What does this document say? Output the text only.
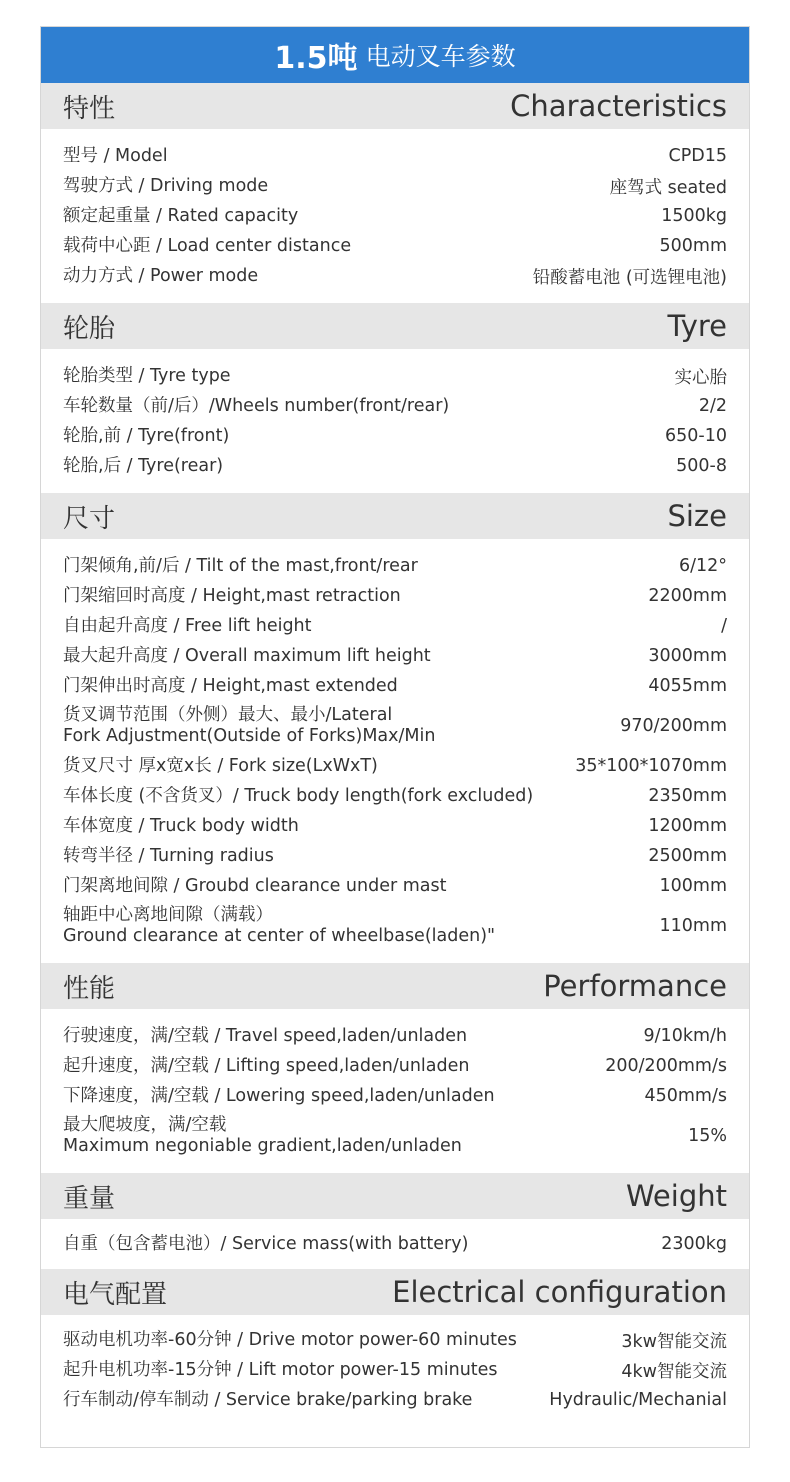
1.5吨 电动叉车参数
特性	Characteristics
型号 / Model	CPD15
驾驶方式 / Driving mode	座驾式 seated
额定起重量 / Rated capacity	1500kg
载荷中心距 / Load center distance	500mm
动力方式 / Power mode	铅酸蓄电池 (可选锂电池)
轮胎	Tyre
轮胎类型 / Tyre type	实心胎
车轮数量（前/后）/Wheels number(front/rear)	2/2
轮胎,前 / Tyre(front)	650-10
轮胎,后 / Tyre(rear)	500-8
尺寸	Size
门架倾角,前/后 / Tilt of the mast,front/rear	6/12°
门架缩回时高度 / Height,mast retraction	2200mm
自由起升高度 / Free lift height	/
最大起升高度 / Overall maximum lift height	3000mm
门架伸出时高度 / Height,mast extended	4055mm
货叉调节范围（外侧）最大、最小/Lateral
Fork Adjustment(Outside of Forks)Max/Min	970/200mm
货叉尺寸 厚x宽x长 / Fork size(LxWxT)	35*100*1070mm
车体长度 (不含货叉）/ Truck body length(fork excluded)	2350mm
车体宽度 / Truck body width	1200mm
转弯半径 / Turning radius	2500mm
门架离地间隙 / Groubd clearance under mast	100mm
轴距中心离地间隙（满载）
Ground clearance at center of wheelbase(laden)"	110mm
性能	Performance
行驶速度，满/空载 / Travel speed,laden/unladen	9/10km/h
起升速度，满/空载 / Lifting speed,laden/unladen	200/200mm/s
下降速度，满/空载 / Lowering speed,laden/unladen	450mm/s
最大爬坡度，满/空载
Maximum negoniable gradient,laden/unladen	15%
重量	Weight
自重（包含蓄电池）/ Service mass(with battery)	2300kg
电气配置	Electrical configuration
驱动电机功率-60分钟 / Drive motor power-60 minutes	3kw智能交流
起升电机功率-15分钟 / Lift motor power-15 minutes	4kw智能交流
行车制动/停车制动 / Service brake/parking brake	Hydraulic/Mechanial
